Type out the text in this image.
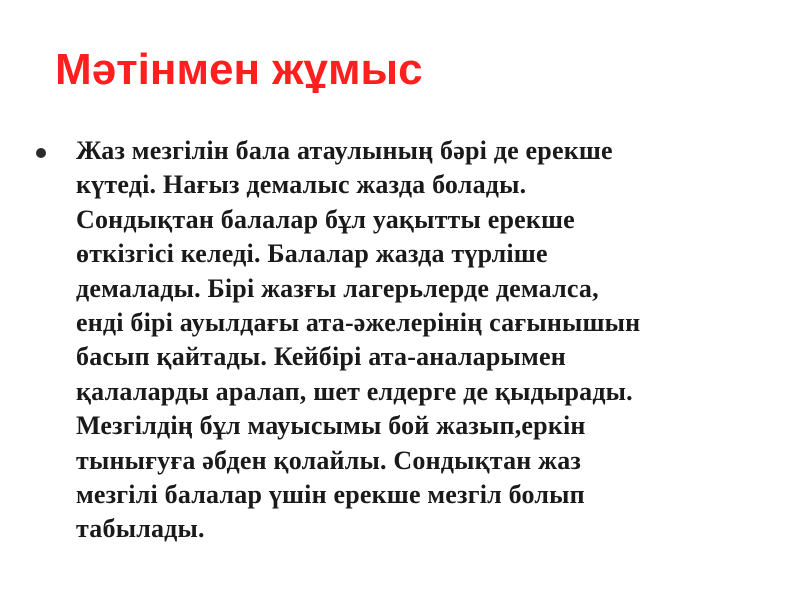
Мәтінмен жұмыс
Жаз мезгілін бала атаулының бәрі де ерекше
күтеді. Нағыз демалыс жазда болады.
Сондықтан балалар бұл уақытты ерекше
өткізгісі келеді. Балалар жазда түрліше
демалады. Бірі жазғы лагерьлерде демалса,
енді бірі ауылдағы ата-әжелерінің сағынышын
басып қайтады. Кейбірі ата-аналарымен
қалаларды аралап, шет елдерге де қыдырады.
Мезгілдің бұл мауысымы бой жазып,еркін
тынығуға әбден қолайлы. Сондықтан жаз
мезгілі балалар үшін ерекше мезгіл болып
табылады.
